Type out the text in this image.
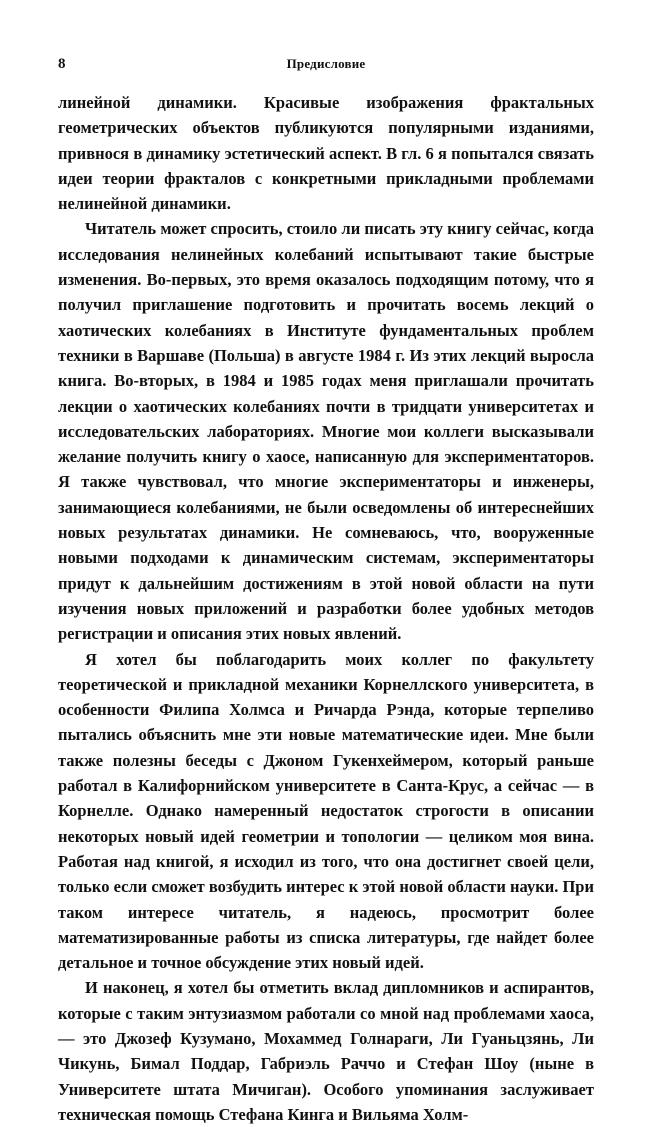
8	Предисловие

линейной динамики. Красивые изображения фрактальных геометрических объектов публикуются популярными изданиями, привнося в динамику эстетический аспект. В гл. 6 я попытался связать идеи теории фракталов с конкретными прикладными проблемами нелинейной динамики.

Читатель может спросить, стоило ли писать эту книгу сейчас, когда исследования нелинейных колебаний испытывают такие быстрые изменения. Во-первых, это время оказалось подходящим потому, что я получил приглашение подготовить и прочитать восемь лекций о хаотических колебаниях в Институте фундаментальных проблем техники в Варшаве (Польша) в августе 1984 г. Из этих лекций выросла книга. Во-вторых, в 1984 и 1985 годах меня приглашали прочитать лекции о хаотических колебаниях почти в тридцати университетах и исследовательских лабораториях. Многие мои коллеги высказывали желание получить книгу о хаосе, написанную для экспериментаторов. Я также чувствовал, что многие экспериментаторы и инженеры, занимающиеся колебаниями, не были осведомлены об интереснейших новых результатах динамики. Не сомневаюсь, что, вооруженные новыми подходами к динамическим системам, экспериментаторы придут к дальнейшим достижениям в этой новой области на пути изучения новых приложений и разработки более удобных методов регистрации и описания этих новых явлений.

Я хотел бы поблагодарить моих коллег по факультету теоретической и прикладной механики Корнеллского университета, в особенности Филипа Холмса и Ричарда Рэнда, которые терпеливо пытались объяснить мне эти новые математические идеи. Мне были также полезны беседы с Джоном Гукенхеймером, который раньше работал в Калифорнийском университете в Санта-Крус, а сейчас — в Корнелле. Однако намеренный недостаток строгости в описании некоторых новый идей геометрии и топологии — целиком моя вина. Работая над книгой, я исходил из того, что она достигнет своей цели, только если сможет возбудить интерес к этой новой области науки. При таком интересе читатель, я надеюсь, просмотрит более математизированные работы из списка литературы, где найдет более детальное и точное обсуждение этих новый идей.

И наконец, я хотел бы отметить вклад дипломников и аспирантов, которые с таким энтузиазмом работали со мной над проблемами хаоса, — это Джозеф Кузумано, Мохаммед Голнараги, Ли Гуаньцзянь, Ли Чикунь, Бимал Поддар, Габриэль Раччо и Стефан Шоу (ныне в Университете штата Мичиган). Особого упоминания заслуживает техническая помощь Стефана Кинга и Вильяма Холм-
